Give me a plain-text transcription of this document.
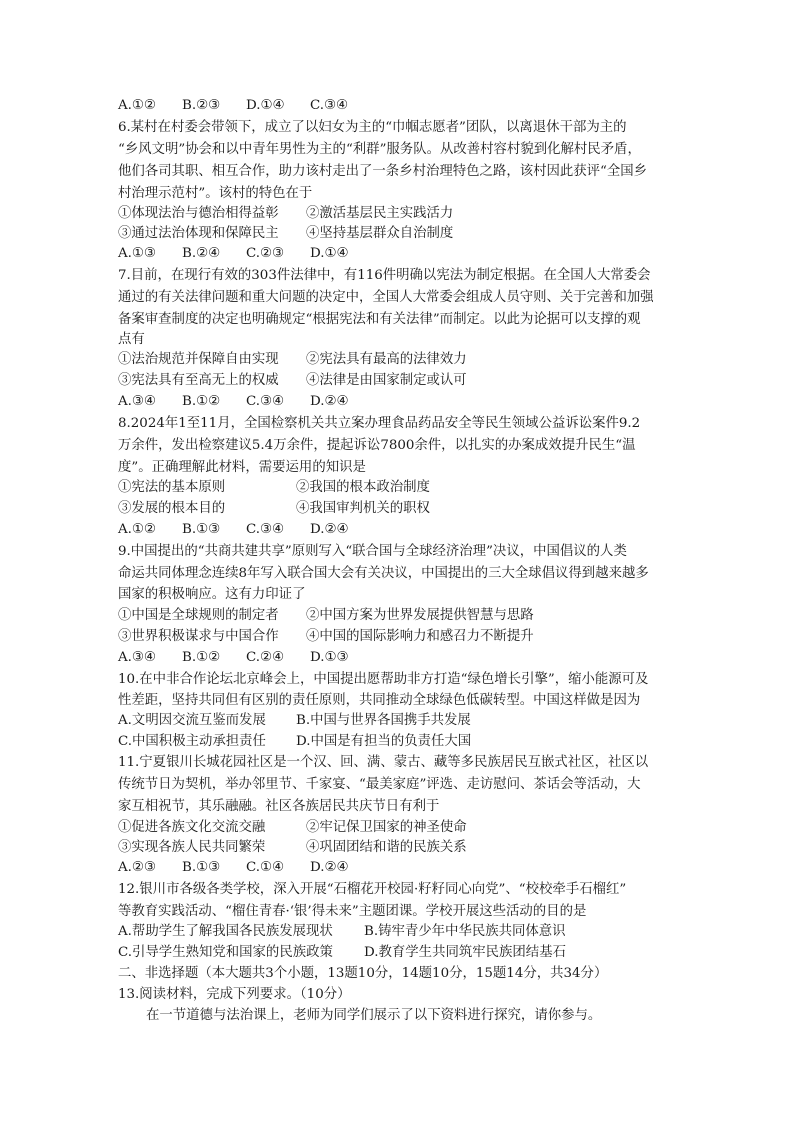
A.①② B.②③ D.①④ C.③④
6.某村在村委会带领下，成立了以妇女为主的“巾帼志愿者”团队，以离退休干部为主的
“乡风文明”协会和以中青年男性为主的“利群”服务队。从改善村容村貌到化解村民矛盾，
他们各司其职、相互合作，助力该村走出了一条乡村治理特色之路，该村因此获评“全国乡
村治理示范村”。该村的特色在于
①体现法治与德治相得益彰 ②激活基层民主实践活力
③通过法治体现和保障民主 ④坚持基层群众自治制度
A.①③ B.②④ C.②③ D.①④
7.目前，在现行有效的303件法律中，有116件明确以宪法为制定根据。在全国人大常委会
通过的有关法律问题和重大问题的决定中，全国人大常委会组成人员守则、关于完善和加强
备案审查制度的决定也明确规定“根据宪法和有关法律”而制定。以此为论据可以支撑的观
点有
①法治规范并保障自由实现 ②宪法具有最高的法律效力
③宪法具有至高无上的权威 ④法律是由国家制定或认可
A.③④ B.①② C.③④ D.②④
8.2024年1至11月，全国检察机关共立案办理食品药品安全等民生领域公益诉讼案件9.2
万余件，发出检察建议5.4万余件，提起诉讼7800余件，以扎实的办案成效提升民生“温
度”。正确理解此材料，需要运用的知识是
①宪法的基本原则	②我国的根本政治制度
③发展的根本目的	④我国审判机关的职权
A.①② B.①③ C.③④ D.②④
9.中国提出的“共商共建共享”原则写入“联合国与全球经济治理”决议，中国倡议的人类
命运共同体理念连续8年写入联合国大会有关决议，中国提出的三大全球倡议得到越来越多
国家的积极响应。这有力印证了
①中国是全球规则的制定者 ②中国方案为世界发展提供智慧与思路
③世界积极谋求与中国合作 ④中国的国际影响力和感召力不断提升
A.③④ B.①② C.②④ D.①③
10.在中非合作论坛北京峰会上，中国提出愿帮助非方打造“绿色增长引擎”，缩小能源可及
性差距，坚持共同但有区别的责任原则，共同推动全球绿色低碳转型。中国这样做是因为
A.文明因交流互鉴而发展 B.中国与世界各国携手共发展
C.中国积极主动承担责任 D.中国是有担当的负责任大国
11.宁夏银川长城花园社区是一个汉、回、满、蒙古、藏等多民族居民互嵌式社区，社区以
传统节日为契机，举办邻里节、千家宴、“最美家庭”评选、走访慰问、茶话会等活动，大
家互相祝节，其乐融融。社区各族居民共庆节日有利于
①促进各族文化交流交融	②牢记保卫国家的神圣使命
③实现各族人民共同繁荣	④巩固团结和谐的民族关系
A.②③ B.①③ C.①④ D.②④
12.银川市各级各类学校，深入开展“石榴花开校园·籽籽同心向党”、“校校牵手石榴红”
等教育实践活动、“榴住青春·‘银’得未来”主题团课。学校开展这些活动的目的是
A.帮助学生了解我国各民族发展现状 B.铸牢青少年中华民族共同体意识
C.引导学生熟知党和国家的民族政策 D.教育学生共同筑牢民族团结基石
二、非选择题（本大题共3个小题，13题10分，14题10分，15题14分，共34分）
13.阅读材料，完成下列要求。（10分）
在一节道德与法治课上，老师为同学们展示了以下资料进行探究，请你参与。
